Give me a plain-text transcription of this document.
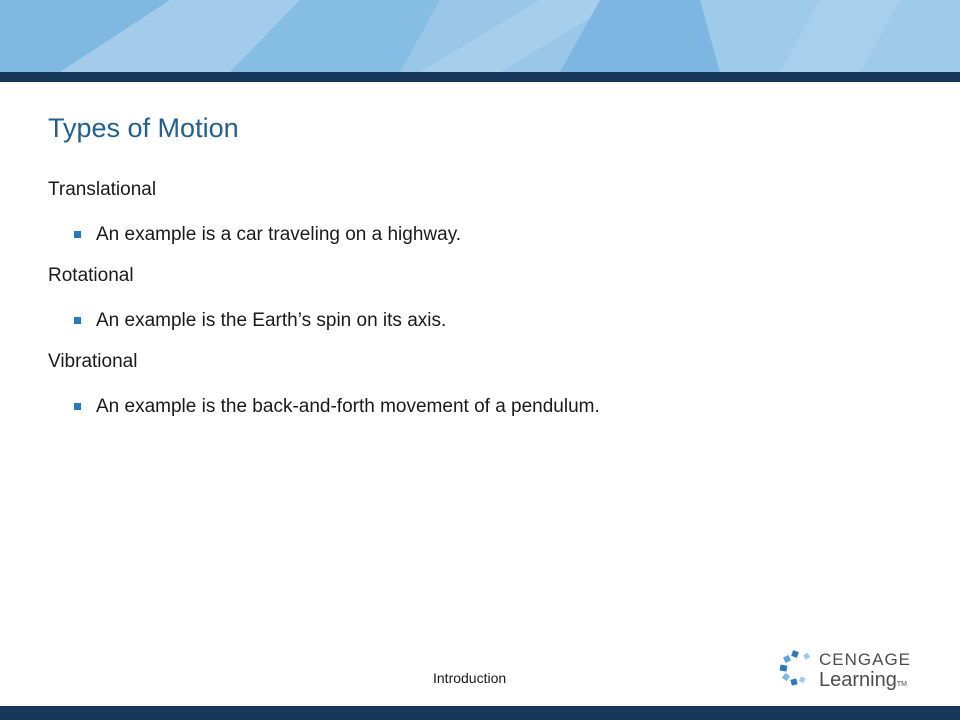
Types of Motion
Translational
An example is a car traveling on a highway.
Rotational
An example is the Earth’s spin on its axis.
Vibrational
An example is the back-and-forth movement of a pendulum.
Introduction
CENGAGE
Learning™
